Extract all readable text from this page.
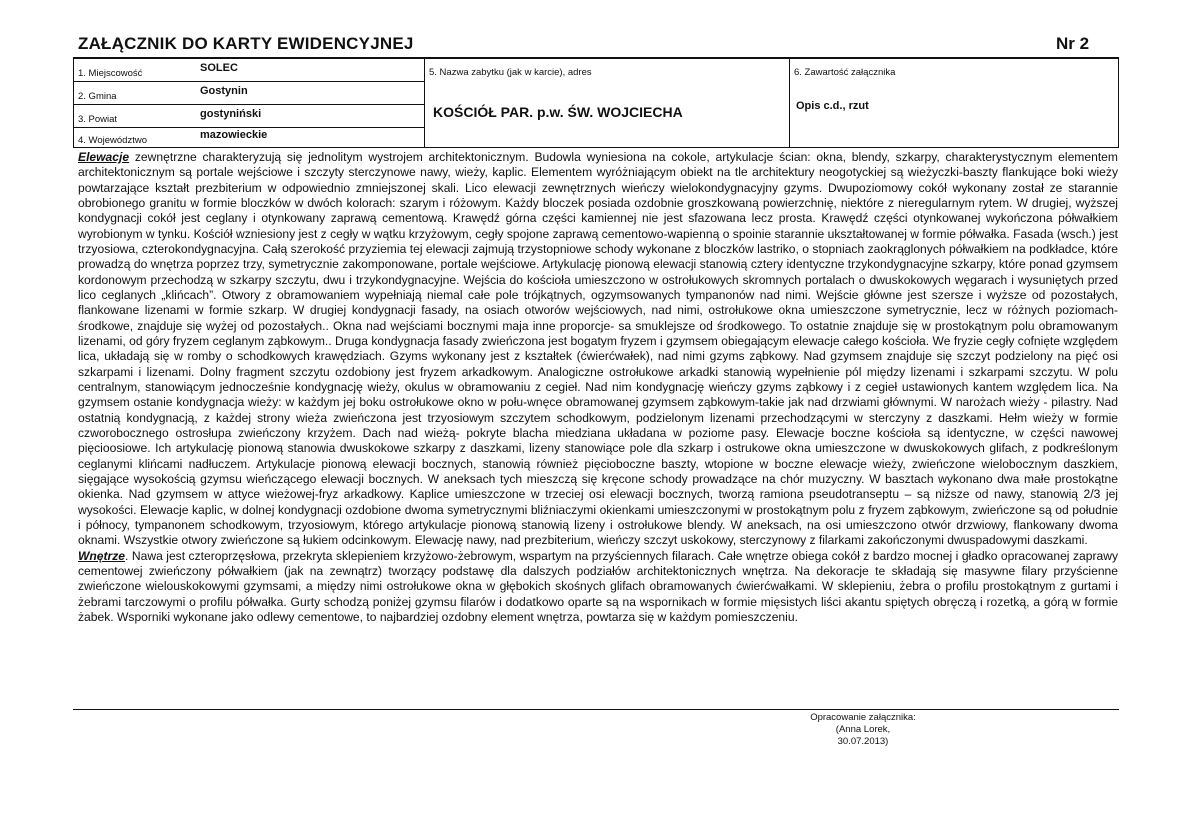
ZAŁĄCZNIK DO KARTY EWIDENCYJNEJ	Nr 2
1. Miejscowość	SOLEC
2. Gmina	Gostynin
3. Powiat	gostyniński
4. Województwo	mazowieckie
5. Nazwa zabytku (jak w karcie), adres
KOŚCIÓŁ PAR. p.w. ŚW. WOJCIECHA
6. Zawartość załącznika
Opis c.d., rzut

Elewacje zewnętrzne charakteryzują się jednolitym wystrojem architektonicznym. Budowla wyniesiona na cokole, artykulacje ścian: okna, blendy, szkarpy, charakterystycznym elementem architektonicznym są portale wejściowe i szczyty sterczynowe nawy, wieży, kaplic. Elementem wyróżniającym obiekt na tle architektury neogotyckiej są wieżyczki-baszty flankujące boki wieży powtarzające kształt prezbiterium w odpowiednio zmniejszonej skali. Lico elewacji zewnętrznych wieńczy wielokondygnacyjny gzyms. Dwupoziomowy cokół wykonany został ze starannie obrobionego granitu w formie bloczków w dwóch kolorach: szarym i różowym. Każdy bloczek posiada ozdobnie groszkowaną powierzchnię, niektóre z nieregularnym rytem. W drugiej, wyższej kondygnacji cokół jest ceglany i otynkowany zaprawą cementową. Krawędź górna części kamiennej nie jest sfazowana lecz prosta. Krawędź części otynkowanej wykończona półwałkiem wyrobionym w tynku. Kościół wzniesiony jest z cegły w wątku krzyżowym, cegły spojone zaprawą cementowo-wapienną o spoinie starannie ukształtowanej w formie półwałka. Fasada (wsch.) jest trzyosiowa, czterokondygnacyjna. Całą szerokość przyziemia tej elewacji zajmują trzystopniowe schody wykonane z bloczków lastriko, o stopniach zaokrąglonych półwałkiem na podkładce, które prowadzą do wnętrza poprzez trzy, symetrycznie zakomponowane, portale wejściowe. Artykulację pionową elewacji stanowią cztery identyczne trzykondygnacyjne szkarpy, które ponad gzymsem kordonowym przechodzą w szkarpy szczytu, dwu i trzykondygnacyjne. Wejścia do kościoła umieszczono w ostrołukowych skromnych portalach o dwuskokowych węgarach i wysuniętych przed lico ceglanych „klińcach”. Otwory z obramowaniem wypełniają niemal całe pole trójkątnych, ogzymsowanych tympanonów nad nimi. Wejście główne jest szersze i wyższe od pozostałych, flankowane lizenami w formie szkarp. W drugiej kondygnacji fasady, na osiach otworów wejściowych, nad nimi, ostrołukowe okna umieszczone symetrycznie, lecz w różnych poziomach-środkowe, znajduje się wyżej od pozostałych.. Okna nad wejściami bocznymi maja inne proporcje- sa smuklejsze od środkowego. To ostatnie znajduje się w prostokątnym polu obramowanym lizenami, od góry fryzem ceglanym ząbkowym.. Druga kondygnacja fasady zwieńczona jest bogatym fryzem i gzymsem obiegającym elewacje całego kościoła. We fryzie cegły cofnięte względem lica, układają się w romby o schodkowych krawędziach. Gzyms wykonany jest z kształtek (ćwierćwałek), nad nimi gzyms ząbkowy. Nad gzymsem znajduje się szczyt podzielony na pięć osi szkarpami i lizenami. Dolny fragment szczytu ozdobiony jest fryzem arkadkowym. Analogiczne ostrołukowe arkadki stanowią wypełnienie pól między lizenami i szkarpami szczytu. W polu centralnym, stanowiącym jednocześnie kondygnację wieży, okulus w obramowaniu z cegieł. Nad nim kondygnację wieńczy gzyms ząbkowy i z cegieł ustawionych kantem względem lica. Na gzymsem ostanie kondygnacja wieży: w każdym jej boku ostrołukowe okno w połu-wnęce obramowanej gzymsem ząbkowym-takie jak nad drzwiami głównymi. W narożach wieży - pilastry. Nad ostatnią kondygnacją, z każdej strony wieża zwieńczona jest trzyosiowym szczytem schodkowym, podzielonym lizenami przechodzącymi w sterczyny z daszkami. Hełm wieży w formie czworobocznego ostrosłupa zwieńczony krzyżem. Dach nad wieżą- pokryte blacha miedziana układana w poziome pasy. Elewacje boczne kościoła są identyczne, w części nawowej pięcioosiowe. Ich artykulację pionową stanowia dwuskokowe szkarpy z daszkami, lizeny stanowiące pole dla szkarp i ostrukowe okna umieszczone w dwuskokowych glifach, z podkreślonym ceglanymi klińcami nadłuczem. Artykulacje pionową elewacji bocznych, stanowią również pięcioboczne baszty, wtopione w boczne elewacje wieży, zwieńczone wielobocznym daszkiem, sięgające wysokością gzymsu wieńczącego elewacji bocznych. W aneksach tych mieszczą się kręcone schody prowadzące na chór muzyczny. W basztach wykonano dwa małe prostokątne okienka. Nad gzymsem w attyce wieżowej-fryz arkadkowy. Kaplice umieszczone w trzeciej osi elewacji bocznych, tworzą ramiona pseudotranseptu – są niższe od nawy, stanowią 2/3 jej wysokości. Elewacje kaplic, w dolnej kondygnacji ozdobione dwoma symetrycznymi bliźniaczymi okienkami umieszczonymi w prostokątnym polu z fryzem ząbkowym, zwieńczone są od południe i północy, tympanonem schodkowym, trzyosiowym, którego artykulacje pionową stanowią lizeny i ostrołukowe blendy. W aneksach, na osi umieszczono otwór drzwiowy, flankowany dwoma oknami. Wszystkie otwory zwieńczone są łukiem odcinkowym. Elewację nawy, nad prezbiterium, wieńczy szczyt uskokowy, sterczynowy z filarkami zakończonymi dwuspadowymi daszkami.

Wnętrze. Nawa jest czteroprzęsłowa, przekryta sklepieniem krzyżowo-żebrowym, wspartym na przyściennych filarach. Całe wnętrze obiega cokół z bardzo mocnej i gładko opracowanej zaprawy cementowej zwieńczony półwałkiem (jak na zewnątrz) tworzący podstawę dla dalszych podziałów architektonicznych wnętrza. Na dekoracje te składają się masywne filary przyścienne zwieńczone wielouskokowymi gzymsami, a między nimi ostrołukowe okna w głębokich skośnych glifach obramowanych ćwierćwałkami. W sklepieniu, żebra o profilu prostokątnym z gurtami i żebrami tarczowymi o profilu półwałka. Gurty schodzą poniżej gzymsu filarów i dodatkowo oparte są na wspornikach w formie mięsistych liści akantu spiętych obręczą i rozetką, a górą w formie żabek. Wsporniki wykonane jako odlewy cementowe, to najbardziej ozdobny element wnętrza, powtarza się w każdym pomieszczeniu.

Opracowanie załącznika:
(Anna Lorek,
30.07.2013)
